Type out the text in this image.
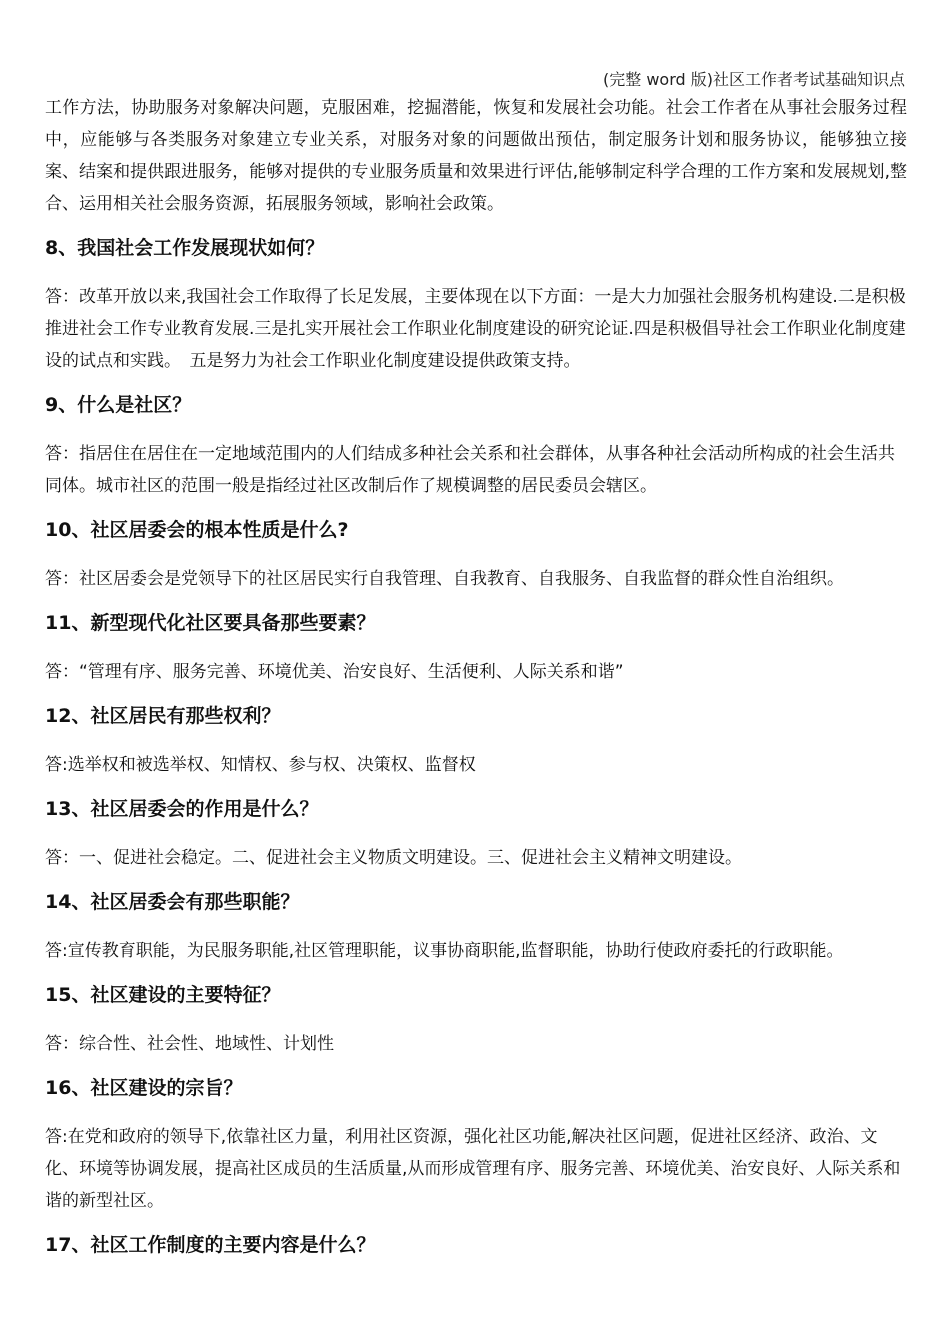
(完整 word 版)社区工作者考试基础知识点

工作方法，协助服务对象解决问题，克服困难，挖掘潜能，恢复和发展社会功能。社会工作者在从事社会服务过程中，应能够与各类服务对象建立专业关系，对服务对象的问题做出预估，制定服务计划和服务协议，能够独立接案、结案和提供跟进服务，能够对提供的专业服务质量和效果进行评估,能够制定科学合理的工作方案和发展规划,整合、运用相关社会服务资源，拓展服务领域，影响社会政策。

8、我国社会工作发展现状如何？

答：改革开放以来,我国社会工作取得了长足发展，主要体现在以下方面：一是大力加强社会服务机构建设.二是积极推进社会工作专业教育发展.三是扎实开展社会工作职业化制度建设的研究论证.四是积极倡导社会工作职业化制度建设的试点和实践。　五是努力为社会工作职业化制度建设提供政策支持。

9、什么是社区？

答：指居住在居住在一定地域范围内的人们结成多种社会关系和社会群体，从事各种社会活动所构成的社会生活共同体。城市社区的范围一般是指经过社区改制后作了规模调整的居民委员会辖区。

10、社区居委会的根本性质是什么?

答：社区居委会是党领导下的社区居民实行自我管理、自我教育、自我服务、自我监督的群众性自治组织。

11、新型现代化社区要具备那些要素？

答：“管理有序、服务完善、环境优美、治安良好、生活便利、人际关系和谐”

12、社区居民有那些权利？

答:选举权和被选举权、知情权、参与权、决策权、监督权

13、社区居委会的作用是什么？

答：一、促进社会稳定。二、促进社会主义物质文明建设。三、促进社会主义精神文明建设。

14、社区居委会有那些职能？

答:宣传教育职能，为民服务职能,社区管理职能，议事协商职能,监督职能，协助行使政府委托的行政职能。

15、社区建设的主要特征？

答：综合性、社会性、地域性、计划性

16、社区建设的宗旨？

答:在党和政府的领导下,依靠社区力量，利用社区资源，强化社区功能,解决社区问题，促进社区经济、政治、文化、环境等协调发展，提高社区成员的生活质量,从而形成管理有序、服务完善、环境优美、治安良好、人际关系和谐的新型社区。

17、社区工作制度的主要内容是什么？
